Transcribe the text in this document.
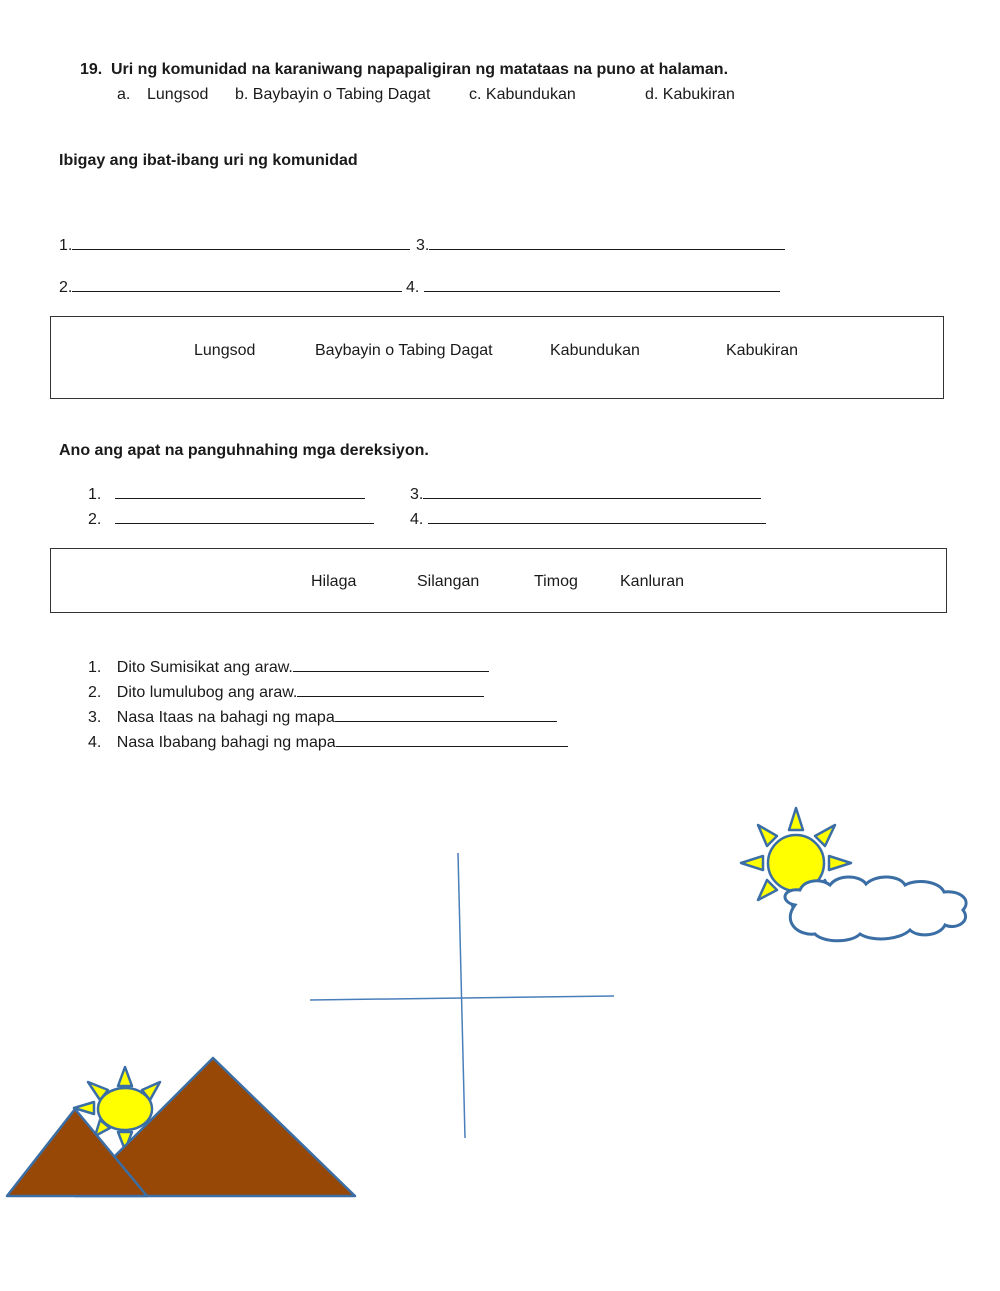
19. Uri ng komunidad na karaniwang napapaligiran ng matataas na puno at halaman.
a. Lungsod b. Baybayin o Tabing Dagat c. Kabundukan	d. Kabukiran
Ibigay ang ibat-ibang uri ng komunidad
1.	3.
2.	4.
Lungsod	Baybayin o Tabing Dagat	Kabundukan	Kabukiran
Ano ang apat na panguhnahing mga dereksiyon.
1.	3.
2.	4.
Hilaga	Silangan	Timog	Kanluran
1. Dito Sumisikat ang araw.
2. Dito lumulubog ang araw.
3. Nasa Itaas na bahagi ng mapa
4. Nasa Ibabang bahagi ng mapa
